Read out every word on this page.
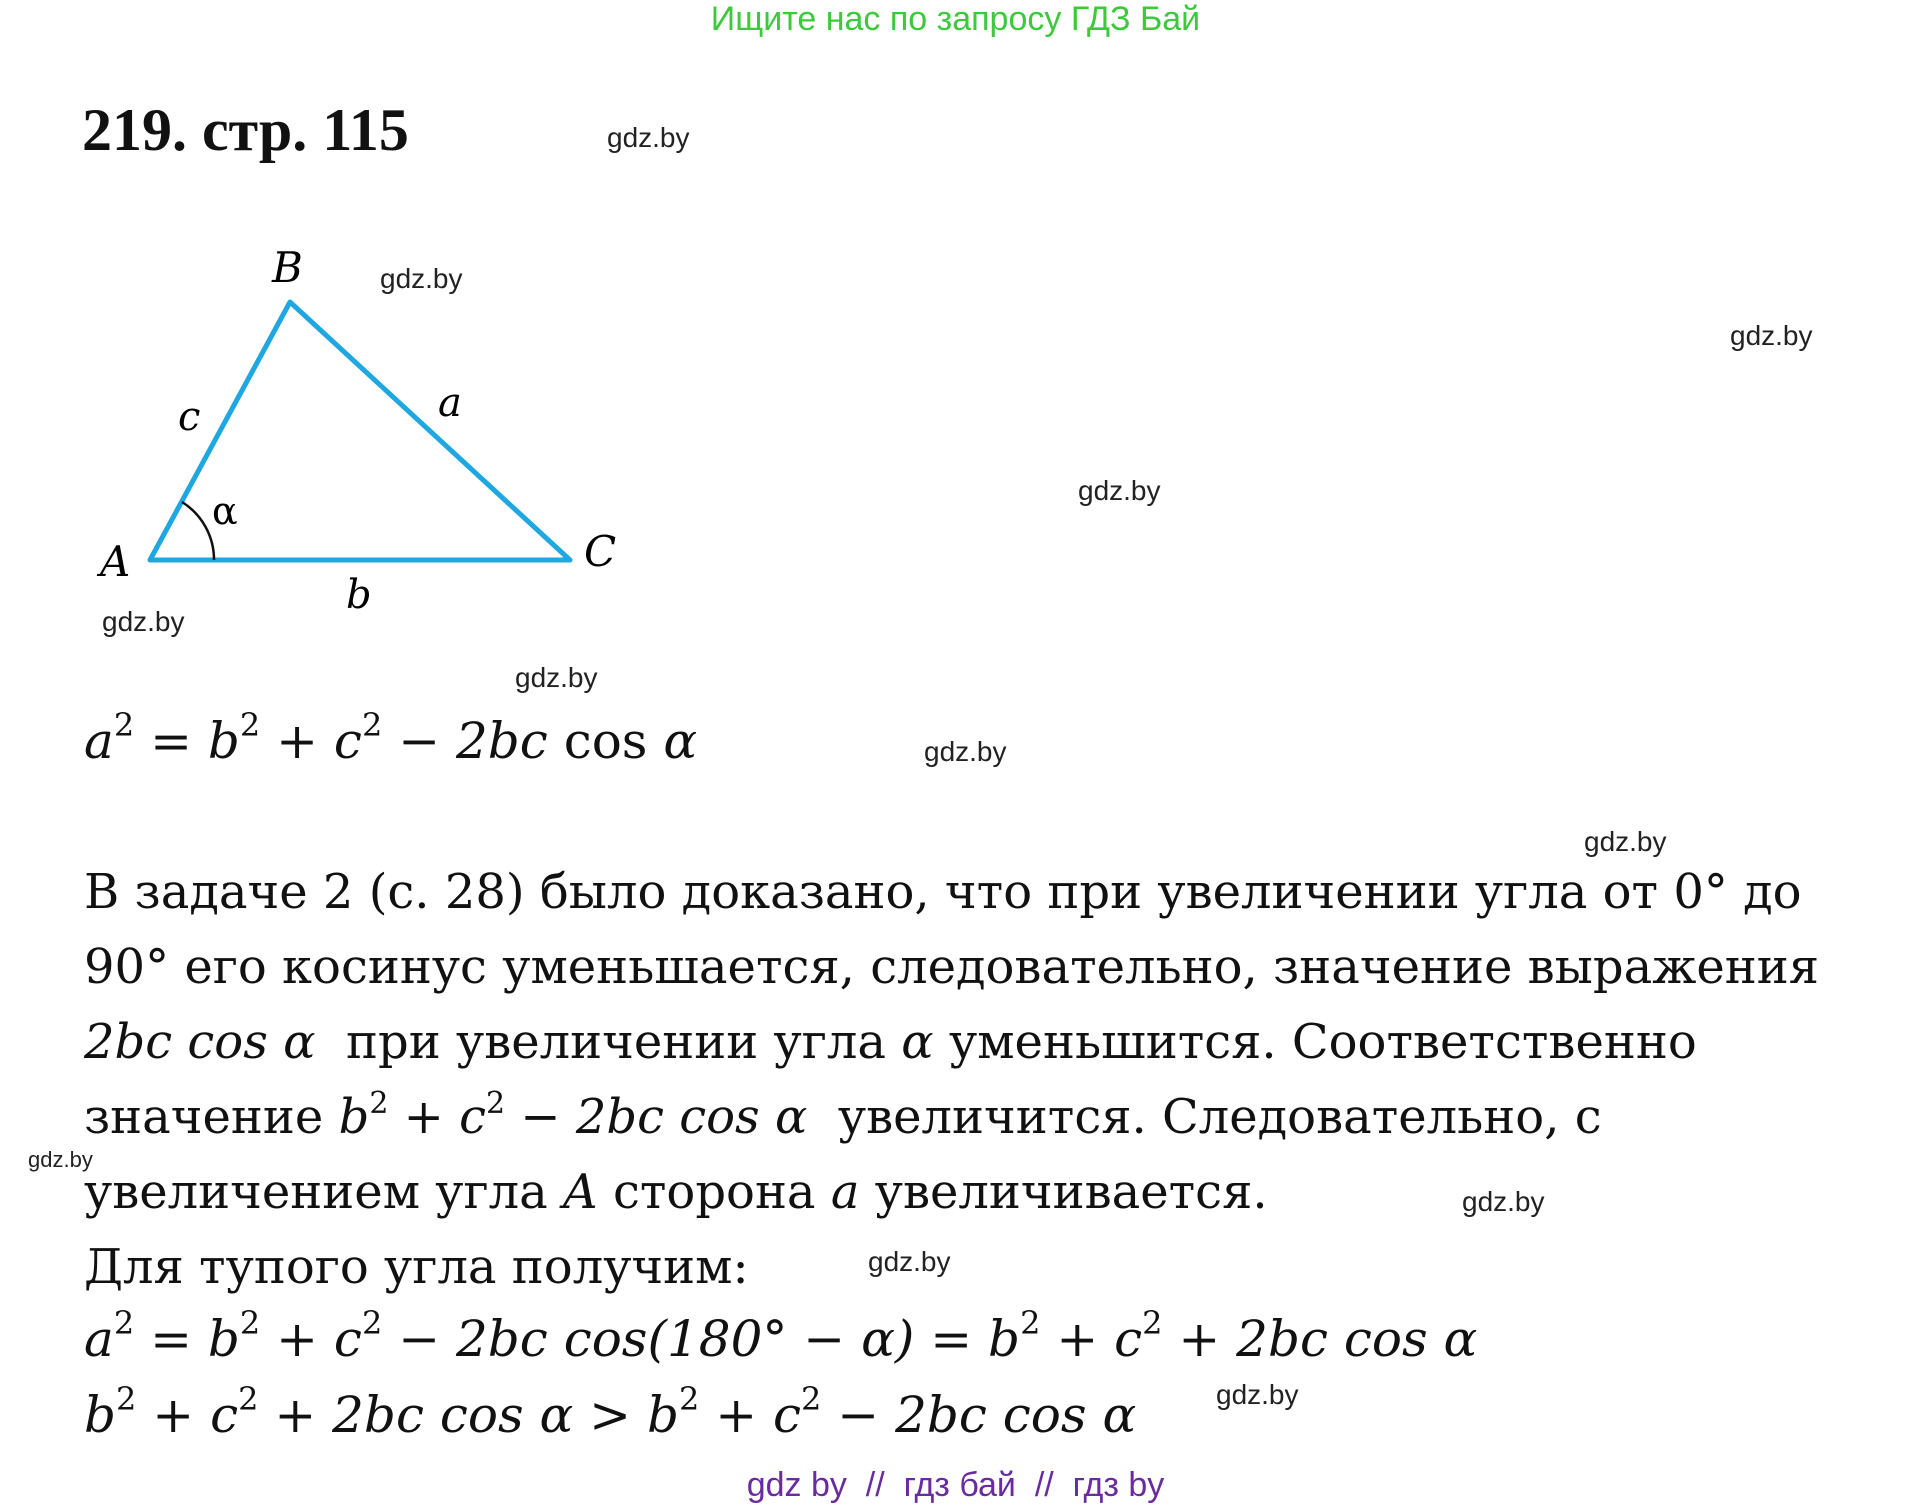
Ищите нас по запросу ГДЗ Бай
219. стр. 115
B
A	C
c	a
b
α
gdz.by
gdz.by
gdz.by
gdz.by
gdz.by
gdz.by
gdz.by
gdz.by
gdz.by
gdz.by
gdz.by
gdz.by
$a^2 = b^2 + c^2 - 2bc$ cos α
В задаче 2 (с. 28) было доказано, что при увеличении угла от 0° до
90° его косинус уменьшается, следовательно, значение выражения
2bc cos α  при увеличении угла α уменьшится. Соответственно
значение $b^2 + c^2 - 2bc$ cos α  увеличится. Следовательно, с
увеличением угла A сторона a увеличивается.
Для тупого угла получим:
$a^2 = b^2 + c^2 - 2bc$ $\cos(180^\circ - \alpha) = b^2 + c^2 + 2bc$ cos α
$b^2 + c^2 + 2bc$ $\cos \alpha > b^2 + c^2 - 2bc$ cos α
gdz by  //  гдз бай  //  гдз by
